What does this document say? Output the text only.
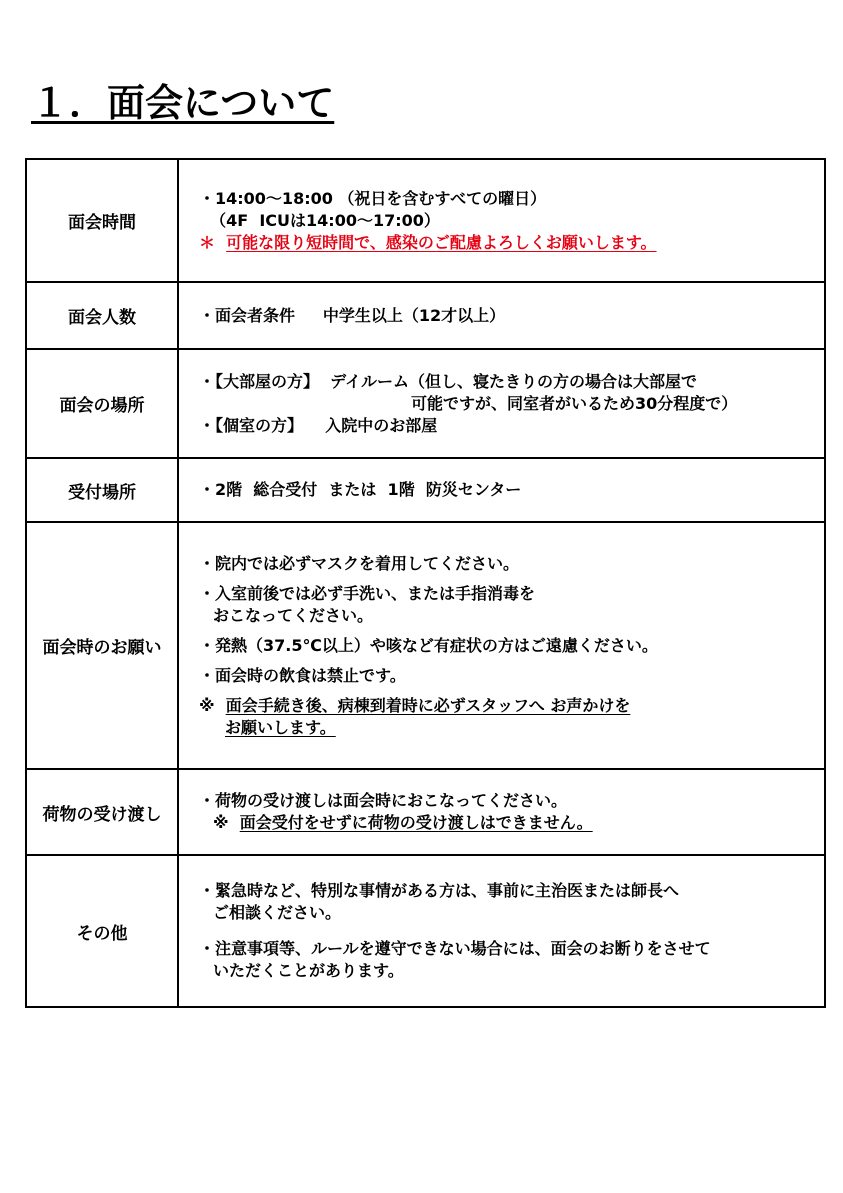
１．面会について
面会時間
・14:00～18:00 （祝日を含むすべての曜日）
（4F  ICUは14:00～17:00）
＊ 可能な限り短時間で、感染のご配慮よろしくお願いします。
面会人数	・面会者条件     中学生以上（12才以上）
面会の場所
・【大部屋の方】  デイルーム（但し、寝たきりの方の場合は大部屋で
可能ですが、同室者がいるため30分程度で）
・【個室の方】    入院中のお部屋
受付場所	・2階  総合受付  または  1階  防災センター
面会時のお願い
・院内では必ずマスクを着用してください。
・入室前後では必ず手洗い、または手指消毒を
おこなってください。
・発熱（37.5℃以上）や咳など有症状の方はご遠慮ください。
・面会時の飲食は禁止です。
※ 面会手続き後、病棟到着時に必ずスタッフへ お声かけを
お願いします。
荷物の受け渡し
・荷物の受け渡しは面会時におこなってください。
※ 面会受付をせずに荷物の受け渡しはできません。
その他
・緊急時など、特別な事情がある方は、事前に主治医または師長へ
ご相談ください。
・注意事項等、ルールを遵守できない場合には、面会のお断りをさせて
いただくことがあります。
